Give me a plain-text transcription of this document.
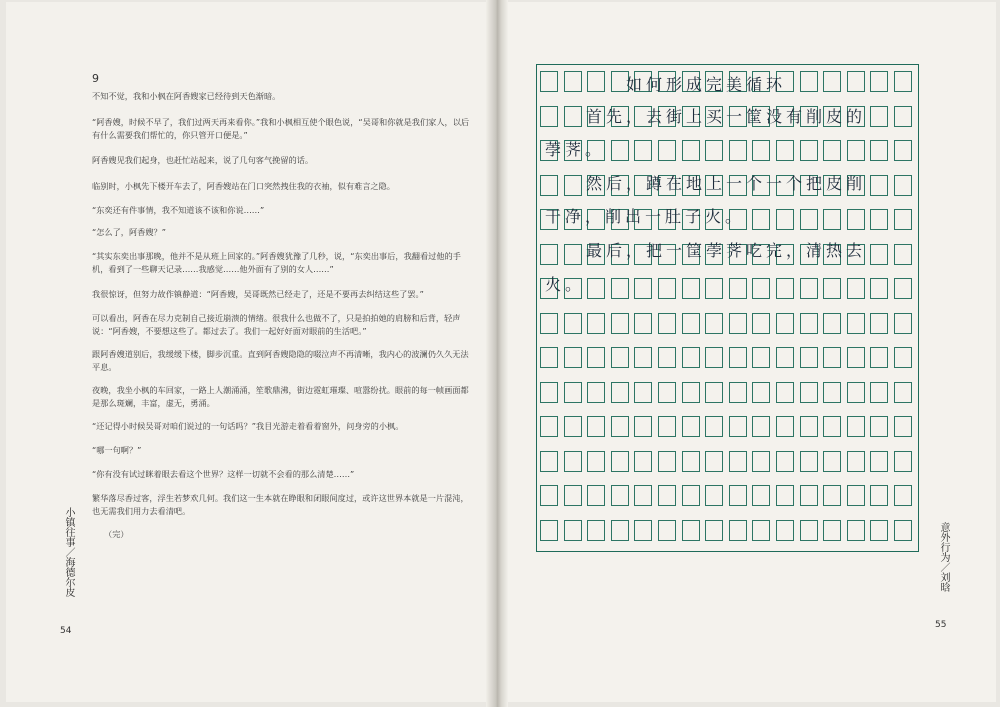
9
不知不觉，我和小枫在阿香嫂家已经待到天色渐暗。
“阿香嫂，时候不早了，我们过两天再来看你。”我和小枫相互使个眼色说，“吴哥和你就是我们家人，以后有什么需要我们帮忙的，你只管开口便是。”
阿香嫂见我们起身，也赶忙站起来，说了几句客气挽留的话。
临别时，小枫先下楼开车去了，阿香嫂站在门口突然拽住我的衣袖，似有难言之隐。
“东奕还有件事情，我不知道该不该和你说……”
“怎么了，阿香嫂？”
“其实东奕出事那晚，他并不是从班上回家的。”阿香嫂犹豫了几秒，说，“东奕出事后，我翻看过他的手机，看到了一些聊天记录……我感觉……他外面有了别的女人……”
我很惊讶，但努力故作镇静道：“阿香嫂，吴哥既然已经走了，还是不要再去纠结这些了罢。”
可以看出，阿香在尽力克制自己接近崩溃的情绪。很我什么也做不了，只是拍拍她的肩膀和后背，轻声说：“阿香嫂，不要想这些了。都过去了。我们一起好好面对眼前的生活吧。”
跟阿香嫂道别后，我缓缓下楼，脚步沉重。直到阿香嫂隐隐的啜泣声不再清晰，我内心的波澜仍久久无法平息。
夜晚，我坐小枫的车回家，一路上人潮涌涌，笙歌鼎沸，街边霓虹璀璨、喧嚣纷扰。眼前的每一帧画面都是那么斑斓，丰富，虚无，勇涌。
“还记得小时候吴哥对咱们说过的一句话吗？”我目光游走着看着窗外，问身旁的小枫。
“哪一句啊？”
“你有没有试过眯着眼去看这个世界？这样一切就不会看的那么清楚……”
繁华落尽香过客，浮生若梦欢几何。我们这一生本就在睁眼和闭眼间度过，或许这世界本就是一片混沌，也无需我们用力去看清吧。
（完）
小镇往事／海德尔皮
54
如何形成完美循环
首先，去街上买一筐没有削皮的
荸荠。
然后，蹲在地上一个一个把皮削
干净，削出一肚子火。
最后，把一筐荸荠吃完，清热去
火。
意外行为／刘晗
55
